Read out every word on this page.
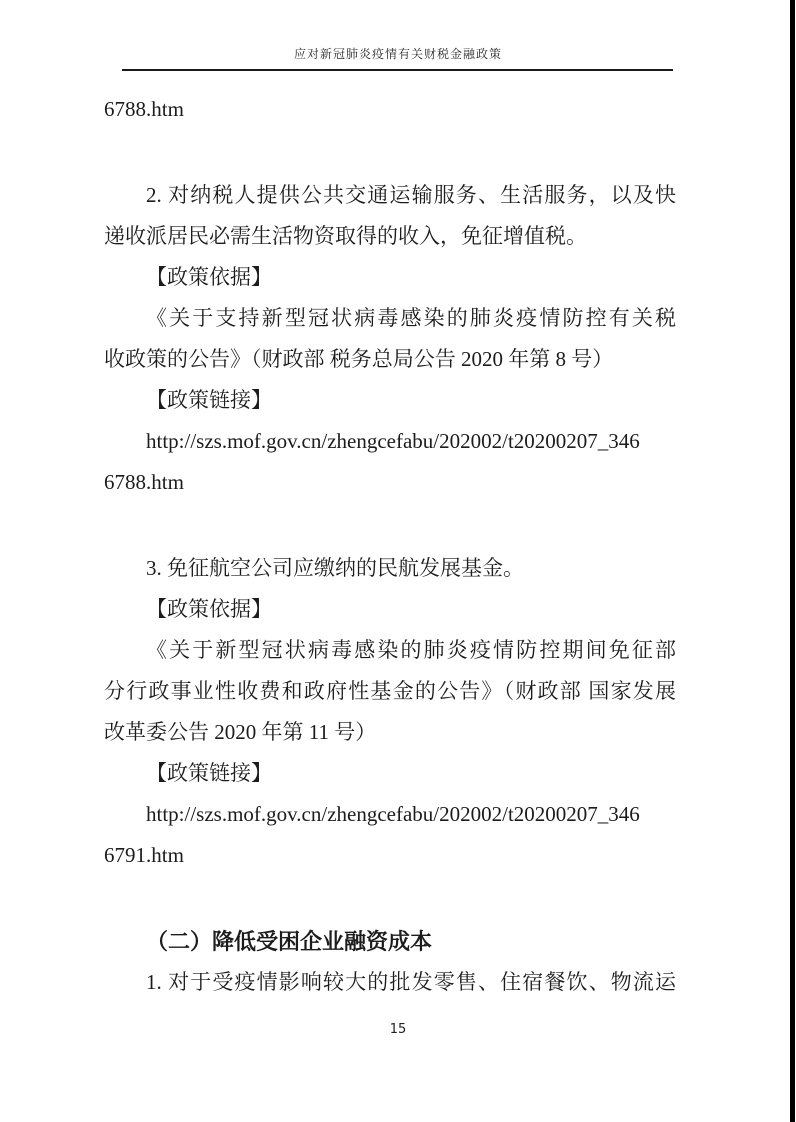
应对新冠肺炎疫情有关财税金融政策
6788.htm
2. 对纳税人提供公共交通运输服务、生活服务，以及快
递收派居民必需生活物资取得的收入，免征增值税。
【政策依据】
《关于支持新型冠状病毒感染的肺炎疫情防控有关税
收政策的公告》（财政部 税务总局公告 2020 年第 8 号）
【政策链接】
http://szs.mof.gov.cn/zhengcefabu/202002/t20200207_346
6788.htm
3. 免征航空公司应缴纳的民航发展基金。
【政策依据】
《关于新型冠状病毒感染的肺炎疫情防控期间免征部
分行政事业性收费和政府性基金的公告》（财政部 国家发展
改革委公告 2020 年第 11 号）
【政策链接】
http://szs.mof.gov.cn/zhengcefabu/202002/t20200207_346
6791.htm
（二）降低受困企业融资成本
1. 对于受疫情影响较大的批发零售、住宿餐饮、物流运
15
